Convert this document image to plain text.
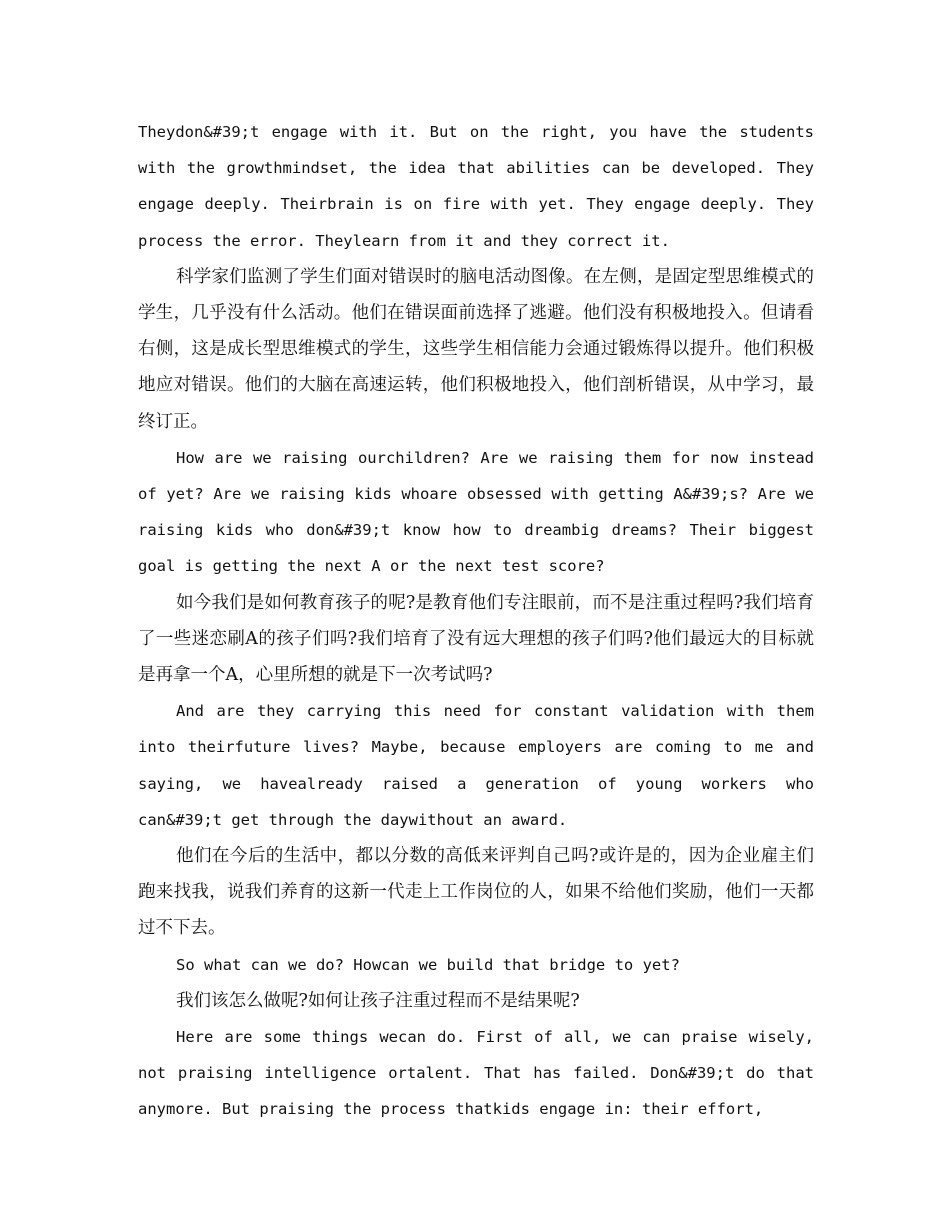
Theydon&#39;t engage with it. But on the right, you have the students with the growthmindset, the idea that abilities can be developed. They engage deeply. Theirbrain is on fire with yet. They engage deeply. They process the error. Theylearn from it and they correct it.

科学家们监测了学生们面对错误时的脑电活动图像。在左侧，是固定型思维模式的学生，几乎没有什么活动。他们在错误面前选择了逃避。他们没有积极地投入。但请看右侧，这是成长型思维模式的学生，这些学生相信能力会通过锻炼得以提升。他们积极地应对错误。他们的大脑在高速运转，他们积极地投入，他们剖析错误，从中学习，最终订正。

How are we raising ourchildren? Are we raising them for now instead of yet? Are we raising kids whoare obsessed with getting A&#39;s? Are we raising kids who don&#39;t know how to dreambig dreams? Their biggest goal is getting the next A or the next test score?

如今我们是如何教育孩子的呢?是教育他们专注眼前，而不是注重过程吗?我们培育了一些迷恋刷A的孩子们吗?我们培育了没有远大理想的孩子们吗?他们最远大的目标就是再拿一个A，心里所想的就是下一次考试吗?

And are they carrying this need for constant validation with them into theirfuture lives? Maybe, because employers are coming to me and saying, we havealready raised a generation of young workers who can&#39;t get through the daywithout an award.

他们在今后的生活中，都以分数的高低来评判自己吗?或许是的，因为企业雇主们跑来找我，说我们养育的这新一代走上工作岗位的人，如果不给他们奖励，他们一天都过不下去。

So what can we do? Howcan we build that bridge to yet?

我们该怎么做呢?如何让孩子注重过程而不是结果呢?

Here are some things wecan do. First of all, we can praise wisely, not praising intelligence ortalent. That has failed. Don&#39;t do that anymore. But praising the process thatkids engage in: their effort,
